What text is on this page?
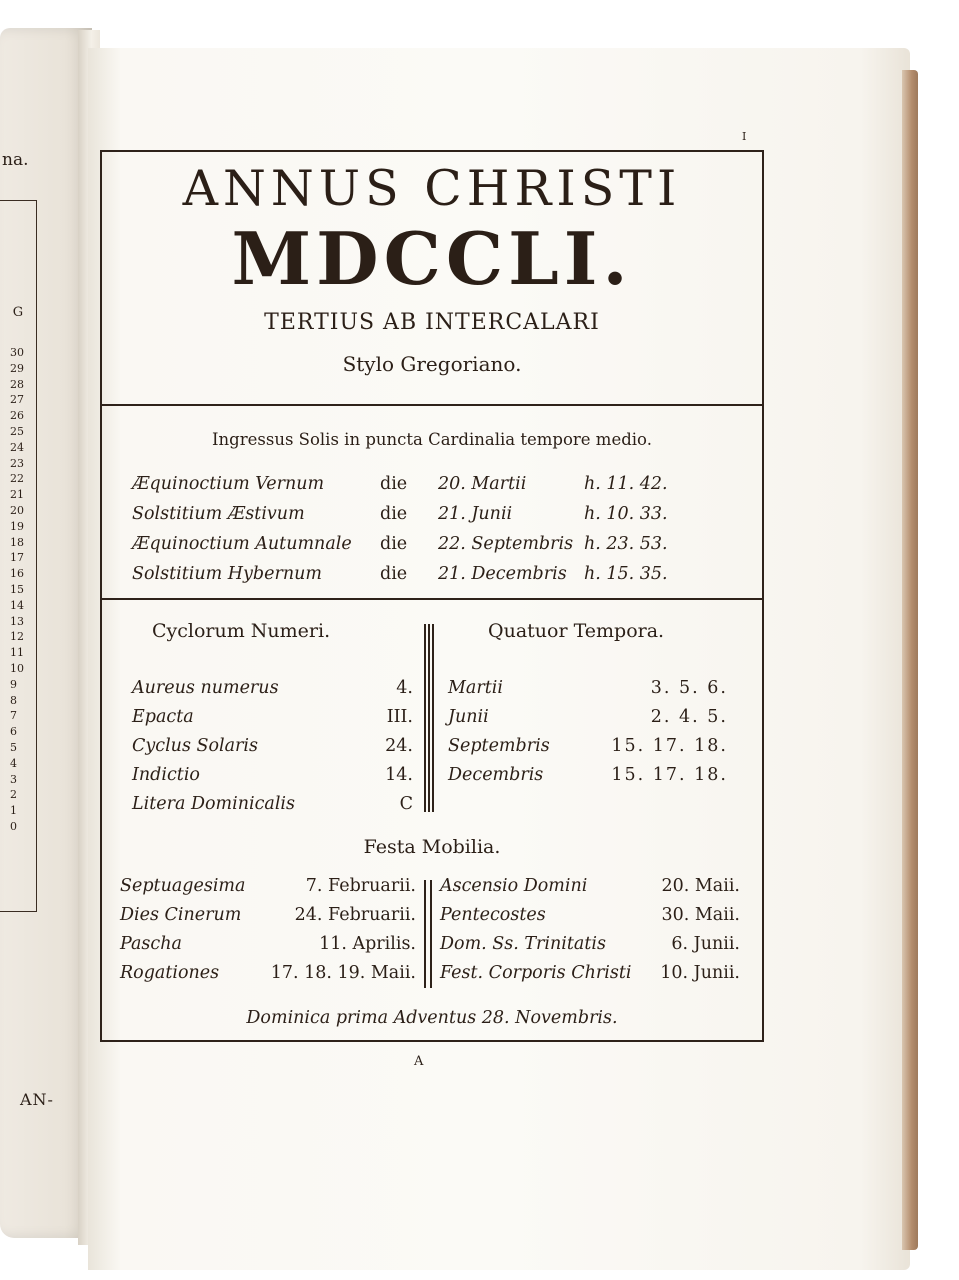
na.
G
30
29
28
27
26
25
24
23
22
21
20
19
18
17
16
15
14
13
12
11
10
9
8
7
6
5
4
3
2
1
0
AN-
I
ANNUS CHRISTI
MDCCLI.
TERTIUS AB INTERCALARI
Stylo Gregoriano.
Ingressus Solis in puncta Cardinalia tempore medio.
Æquinoctium Vernum	die 20. Martii	h. 11. 42.
Solstitium Æstivum	die 21. Junii	h. 10. 33.
Æquinoctium Autumnale die 22. Septembris h. 23. 53.
Solstitium Hybernum	die 21. Decembris h. 15. 35.
Cyclorum Numeri.	Quatuor Tempora.
Aureus numerus	4.
Epacta	III.
Cyclus Solaris	24.
Indictio	14.
Litera Dominicalis	C
Martii	3. 5. 6.
Junii	2. 4. 5.
Septembris	15. 17. 18.
Decembris	15. 17. 18.
Festa Mobilia.
Septuagesima	7. Februarii.
Dies Cinerum	24. Februarii.
Pascha	11. Aprilis.
Rogationes	17. 18. 19. Maii.
Ascensio Domini	20. Maii.
Pentecostes	30. Maii.
Dom. Ss. Trinitatis	6. Junii.
Fest. Corporis Christi 10. Junii.
Dominica prima Adventus 28. Novembris.
A
